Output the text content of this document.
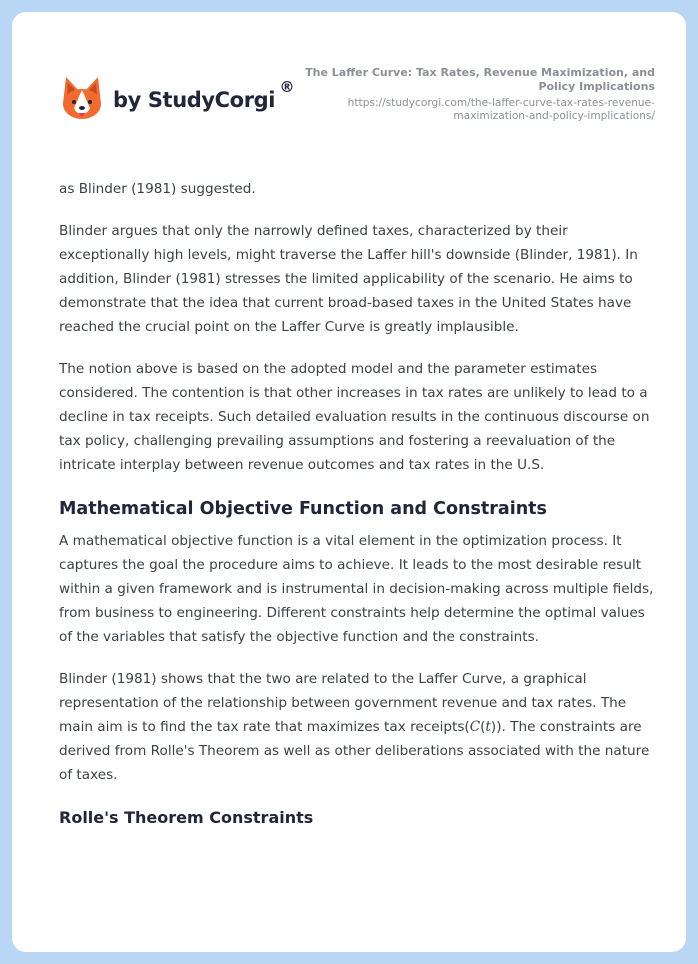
by StudyCorgi
®
The Laffer Curve: Tax Rates, Revenue Maximization, and
Policy Implications
https://studycorgi.com/the-laffer-curve-tax-rates-revenue-
maximization-and-policy-implications/

as Blinder (1981) suggested.

Blinder argues that only the narrowly defined taxes, characterized by their exceptionally high levels, might traverse the Laffer hill's downside (Blinder, 1981). In addition, Blinder (1981) stresses the limited applicability of the scenario. He aims to demonstrate that the idea that current broad-based taxes in the United States have reached the crucial point on the Laffer Curve is greatly implausible.

The notion above is based on the adopted model and the parameter estimates considered. The contention is that other increases in tax rates are unlikely to lead to a decline in tax receipts. Such detailed evaluation results in the continuous discourse on tax policy, challenging prevailing assumptions and fostering a reevaluation of the intricate interplay between revenue outcomes and tax rates in the U.S.

Mathematical Objective Function and Constraints

A mathematical objective function is a vital element in the optimization process. It captures the goal the procedure aims to achieve. It leads to the most desirable result within a given framework and is instrumental in decision-making across multiple fields, from business to engineering. Different constraints help determine the optimal values of the variables that satisfy the objective function and the constraints.

Blinder (1981) shows that the two are related to the Laffer Curve, a graphical representation of the relationship between government revenue and tax rates. The main aim is to find the tax rate that maximizes tax receipts(C(t)). The constraints are derived from Rolle's Theorem as well as other deliberations associated with the nature of taxes.

Rolle's Theorem Constraints
